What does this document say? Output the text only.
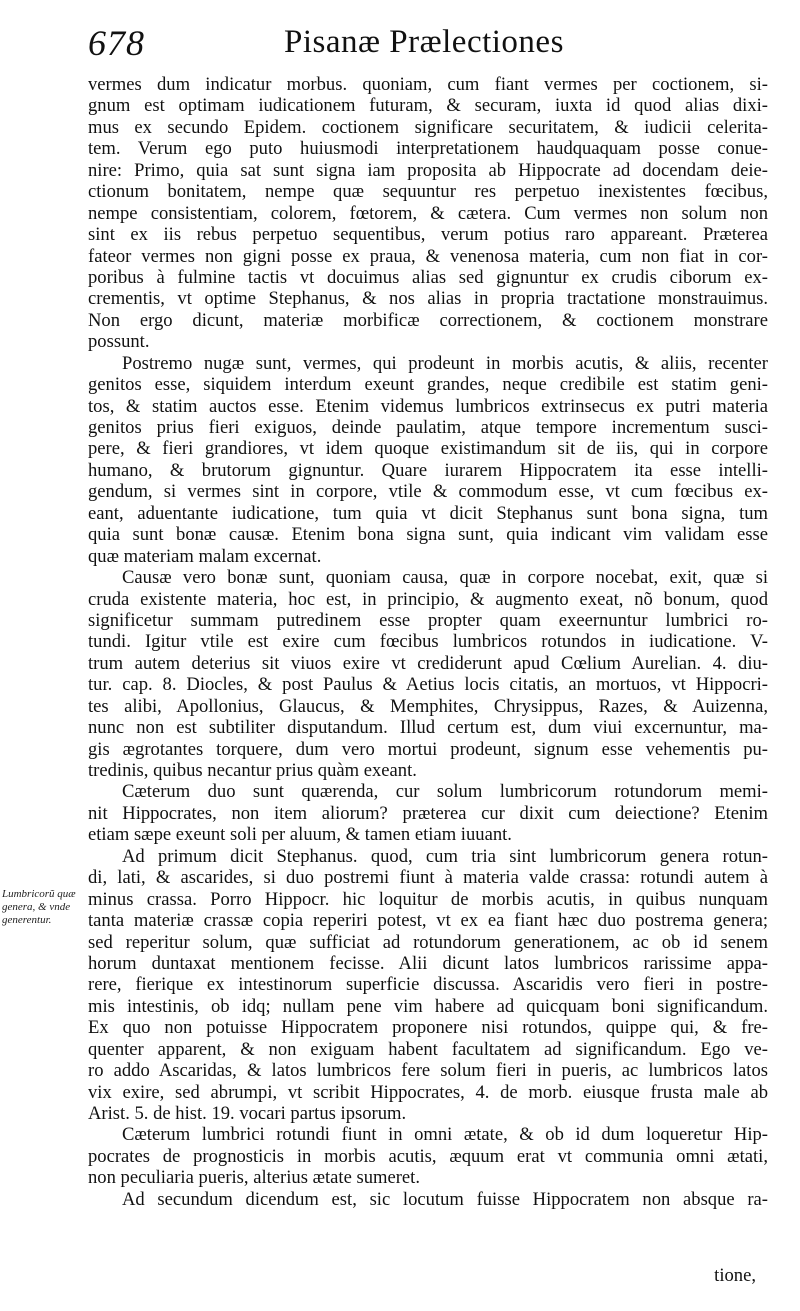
678	Pisanæ Prælectiones
vermes dum indicatur morbus. quoniam, cum fiant vermes per coctionem, si-
gnum est optimam iudicationem futuram, & securam, iuxta id quod alias dixi-
mus ex secundo Epidem. coctionem significare securitatem, & iudicii celerita-
tem. Verum ego puto huiusmodi interpretationem haudquaquam posse conue-
nire: Primo, quia sat sunt signa iam proposita ab Hippocrate ad docendam deie-
ctionum bonitatem, nempe quæ sequuntur res perpetuo inexistentes fœcibus,
nempe consistentiam, colorem, fœtorem, & cætera. Cum vermes non solum non
sint ex iis rebus perpetuo sequentibus, verum potius raro appareant. Præterea
fateor vermes non gigni posse ex praua, & venenosa materia, cum non fiat in cor-
poribus à fulmine tactis vt docuimus alias sed gignuntur ex crudis ciborum ex-
crementis, vt optime Stephanus, & nos alias in propria tractatione monstrauimus.
Non ergo dicunt, materiæ morbificæ correctionem, & coctionem monstrare
possunt.
Postremo nugæ sunt, vermes, qui prodeunt in morbis acutis, & aliis, recenter
genitos esse, siquidem interdum exeunt grandes, neque credibile est statim geni-
tos, & statim auctos esse. Etenim videmus lumbricos extrinsecus ex putri materia
genitos prius fieri exiguos, deinde paulatim, atque tempore incrementum susci-
pere, & fieri grandiores, vt idem quoque existimandum sit de iis, qui in corpore
humano, & brutorum gignuntur. Quare iurarem Hippocratem ita esse intelli-
gendum, si vermes sint in corpore, vtile & commodum esse, vt cum fœcibus ex-
eant, aduentante iudicatione, tum quia vt dicit Stephanus sunt bona signa, tum
quia sunt bonæ causæ. Etenim bona signa sunt, quia indicant vim validam esse
quæ materiam malam excernat.
Causæ vero bonæ sunt, quoniam causa, quæ in corpore nocebat, exit, quæ si
cruda existente materia, hoc est, in principio, & augmento exeat, nõ bonum, quod
significetur summam putredinem esse propter quam exeernuntur lumbrici ro-
tundi. Igitur vtile est exire cum fœcibus lumbricos rotundos in iudicatione. V-
trum autem deterius sit viuos exire vt crediderunt apud Cœlium Aurelian. 4. diu-
tur. cap. 8. Diocles, & post Paulus & Aetius locis citatis, an mortuos, vt Hippocri-
tes alibi, Apollonius, Glaucus, & Memphites, Chrysippus, Razes, & Auizenna,
nunc non est subtiliter disputandum. Illud certum est, dum viui excernuntur, ma-
gis ægrotantes torquere, dum vero mortui prodeunt, signum esse vehementis pu-
tredinis, quibus necantur prius quàm exeant.
Cæterum duo sunt quærenda, cur solum lumbricorum rotundorum memi-
nit Hippocrates, non item aliorum? præterea cur dixit cum deiectione? Etenim
etiam sæpe exeunt soli per aluum, & tamen etiam iuuant.
Ad primum dicit Stephanus. quod, cum tria sint lumbricorum genera rotun-
di, lati, & ascarides, si duo postremi fiunt à materia valde crassa: rotundi autem à
minus crassa. Porro Hippocr. hic loquitur de morbis acutis, in quibus nunquam
tanta materiæ crassæ copia reperiri potest, vt ex ea fiant hæc duo postrema genera;
sed reperitur solum, quæ sufficiat ad rotundorum generationem, ac ob id senem
horum duntaxat mentionem fecisse. Alii dicunt latos lumbricos rarissime appa-
rere, fierique ex intestinorum superficie discussa. Ascaridis vero fieri in postre-
mis intestinis, ob idq; nullam pene vim habere ad quicquam boni significandum.
Ex quo non potuisse Hippocratem proponere nisi rotundos, quippe qui, & fre-
quenter apparent, & non exiguam habent facultatem ad significandum. Ego ve-
ro addo Ascaridas, & latos lumbricos fere solum fieri in pueris, ac lumbricos latos
vix exire, sed abrumpi, vt scribit Hippocrates, 4. de morb. eiusque frusta male ab
Arist. 5. de hist. 19. vocari partus ipsorum.
Cæterum lumbrici rotundi fiunt in omni ætate, & ob id dum loqueretur Hip-
pocrates de prognosticis in morbis acutis, æquum erat vt communia omni ætati,
non peculiaria pueris, alterius ætate sumeret.
Ad secundum dicendum est, sic locutum fuisse Hippocratem non absque ra-
Lumbricorũ quæ genera, & vnde generentur.
tione,
